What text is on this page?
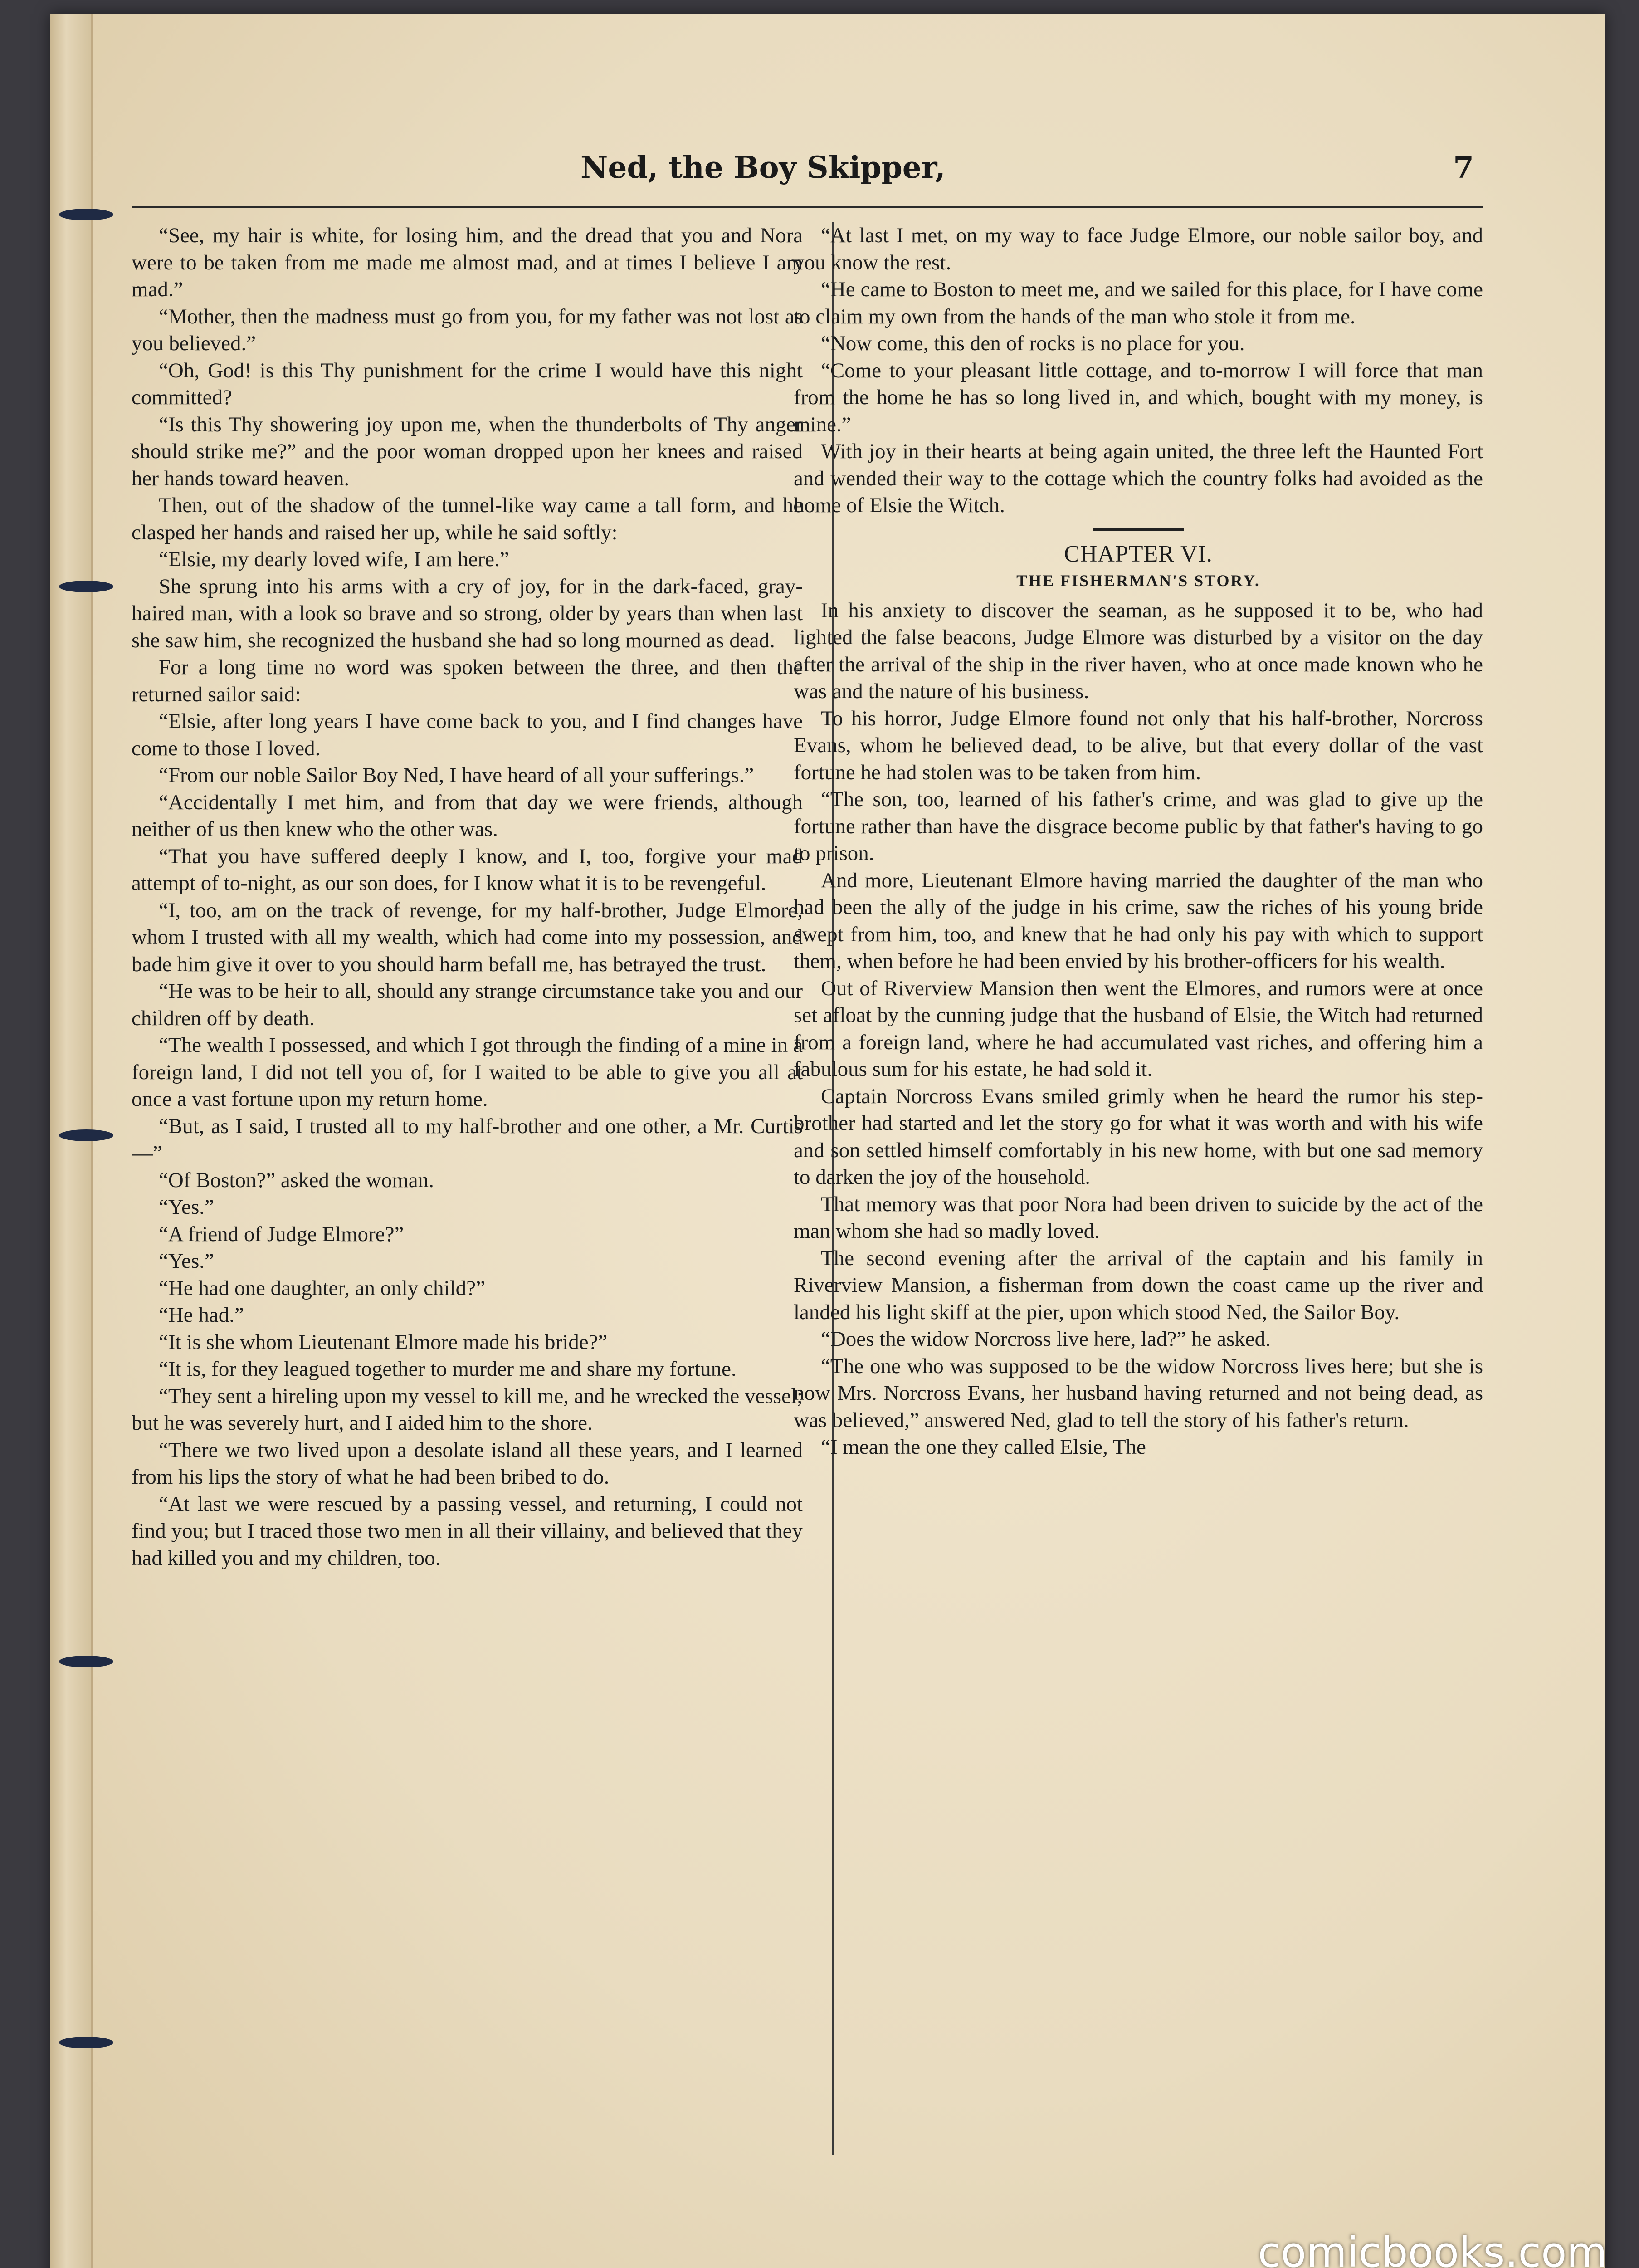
Ned, the Boy Skipper,	7

“See, my hair is white, for losing him, and the dread that you and Nora were to be taken from me made me almost mad, and at times I believe I am mad.”

“Mother, then the madness must go from you, for my father was not lost as you believed.”

“Oh, God! is this Thy punishment for the crime I would have this night committed?

“Is this Thy showering joy upon me, when the thunderbolts of Thy anger should strike me?” and the poor woman dropped upon her knees and raised her hands toward heaven.

Then, out of the shadow of the tunnel-like way came a tall form, and he clasped her hands and raised her up, while he said softly:

“Elsie, my dearly loved wife, I am here.”

She sprung into his arms with a cry of joy, for in the dark-faced, gray-haired man, with a look so brave and so strong, older by years than when last she saw him, she recognized the husband she had so long mourned as dead.

For a long time no word was spoken between the three, and then the returned sailor said:

“Elsie, after long years I have come back to you, and I find changes have come to those I loved.

“From our noble Sailor Boy Ned, I have heard of all your sufferings.”

“Accidentally I met him, and from that day we were friends, although neither of us then knew who the other was.

“That you have suffered deeply I know, and I, too, forgive your mad attempt of to-night, as our son does, for I know what it is to be revengeful.

“I, too, am on the track of revenge, for my half-brother, Judge Elmore, whom I trusted with all my wealth, which had come into my possession, and bade him give it over to you should harm befall me, has betrayed the trust.

“He was to be heir to all, should any strange circumstance take you and our children off by death.

“The wealth I possessed, and which I got through the finding of a mine in a foreign land, I did not tell you of, for I waited to be able to give you all at once a vast fortune upon my return home.

“But, as I said, I trusted all to my half-brother and one other, a Mr. Curtis—”

“Of Boston?” asked the woman.

“Yes.”

“A friend of Judge Elmore?”

“Yes.”

“He had one daughter, an only child?”

“He had.”

“It is she whom Lieutenant Elmore made his bride?”

“It is, for they leagued together to murder me and share my fortune.

“They sent a hireling upon my vessel to kill me, and he wrecked the vessel; but he was severely hurt, and I aided him to the shore.

“There we two lived upon a desolate island all these years, and I learned from his lips the story of what he had been bribed to do.

“At last we were rescued by a passing vessel, and returning, I could not find you; but I traced those two men in all their villainy, and believed that they had killed you and my children, too.

“At last I met, on my way to face Judge Elmore, our noble sailor boy, and you know the rest.

“He came to Boston to meet me, and we sailed for this place, for I have come to claim my own from the hands of the man who stole it from me.

“Now come, this den of rocks is no place for you.

“Come to your pleasant little cottage, and to-morrow I will force that man from the home he has so long lived in, and which, bought with my money, is mine.”

With joy in their hearts at being again united, the three left the Haunted Fort and wended their way to the cottage which the country folks had avoided as the home of Elsie the Witch.

CHAPTER VI.

THE FISHERMAN'S STORY.

In his anxiety to discover the seaman, as he supposed it to be, who had lighted the false beacons, Judge Elmore was disturbed by a visitor on the day after the arrival of the ship in the river haven, who at once made known who he was and the nature of his business.

To his horror, Judge Elmore found not only that his half-brother, Norcross Evans, whom he believed dead, to be alive, but that every dollar of the vast fortune he had stolen was to be taken from him.

“The son, too, learned of his father's crime, and was glad to give up the fortune rather than have the disgrace become public by that father's having to go to prison.

And more, Lieutenant Elmore having married the daughter of the man who had been the ally of the judge in his crime, saw the riches of his young bride swept from him, too, and knew that he had only his pay with which to support them, when before he had been envied by his brother-officers for his wealth.

Out of Riverview Mansion then went the Elmores, and rumors were at once set afloat by the cunning judge that the husband of Elsie, the Witch had returned from a foreign land, where he had accumulated vast riches, and offering him a fabulous sum for his estate, he had sold it.

Captain Norcross Evans smiled grimly when he heard the rumor his step-brother had started and let the story go for what it was worth and with his wife and son settled himself comfortably in his new home, with but one sad memory to darken the joy of the household.

That memory was that poor Nora had been driven to suicide by the act of the man whom she had so madly loved.

The second evening after the arrival of the captain and his family in Riverview Mansion, a fisherman from down the coast came up the river and landed his light skiff at the pier, upon which stood Ned, the Sailor Boy.

“Does the widow Norcross live here, lad?” he asked.

“The one who was supposed to be the widow Norcross lives here; but she is now Mrs. Norcross Evans, her husband having returned and not being dead, as was believed,” answered Ned, glad to tell the story of his father's return.

“I mean the one they called Elsie, The

comicbooks.com
